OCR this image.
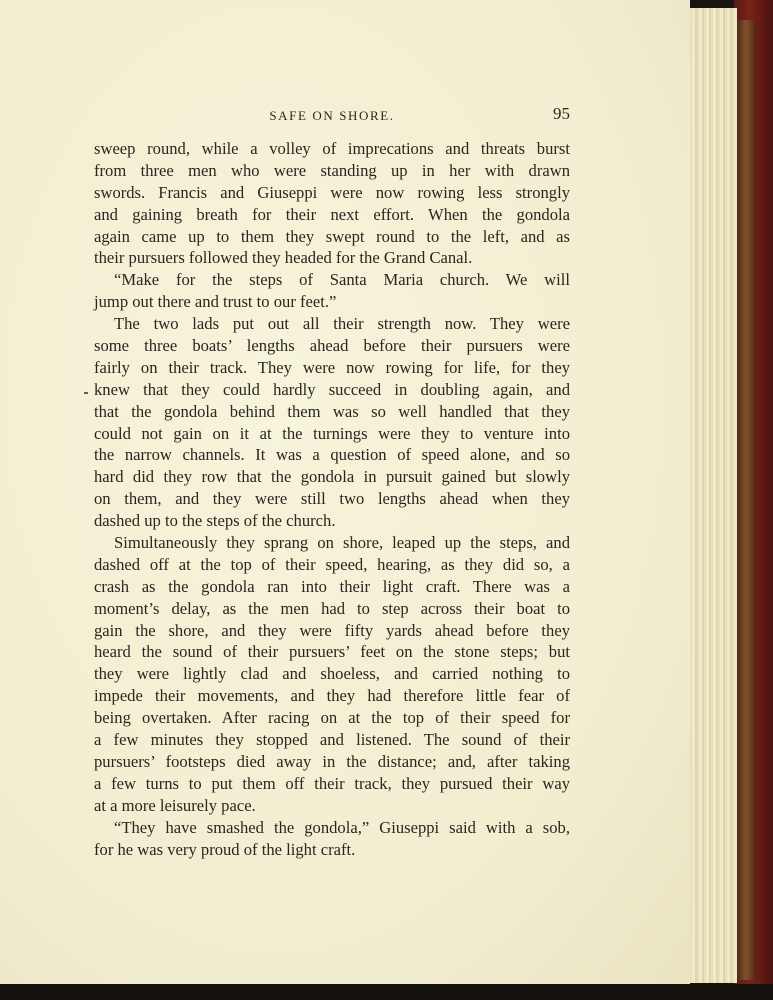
SAFE ON SHORE.	95
sweep round, while a volley of imprecations and threats burst
from three men who were standing up in her with drawn
swords. Francis and Giuseppi were now rowing less strongly
and gaining breath for their next effort. When the gondola
again came up to them they swept round to the left, and as
their pursuers followed they headed for the Grand Canal.
“Make for the steps of Santa Maria church. We will
jump out there and trust to our feet.”
The two lads put out all their strength now. They were
some three boats’ lengths ahead before their pursuers were
fairly on their track. They were now rowing for life, for they
knew that they could hardly succeed in doubling again, and
that the gondola behind them was so well handled that they
could not gain on it at the turnings were they to venture into
the narrow channels. It was a question of speed alone, and so
hard did they row that the gondola in pursuit gained but slowly
on them, and they were still two lengths ahead when they
dashed up to the steps of the church.
Simultaneously they sprang on shore, leaped up the steps, and
dashed off at the top of their speed, hearing, as they did so, a
crash as the gondola ran into their light craft. There was a
moment’s delay, as the men had to step across their boat to
gain the shore, and they were fifty yards ahead before they
heard the sound of their pursuers’ feet on the stone steps; but
they were lightly clad and shoeless, and carried nothing to
impede their movements, and they had therefore little fear of
being overtaken. After racing on at the top of their speed for
a few minutes they stopped and listened. The sound of their
pursuers’ footsteps died away in the distance; and, after taking
a few turns to put them off their track, they pursued their way
at a more leisurely pace.
“They have smashed the gondola,” Giuseppi said with a sob,
for he was very proud of the light craft.
